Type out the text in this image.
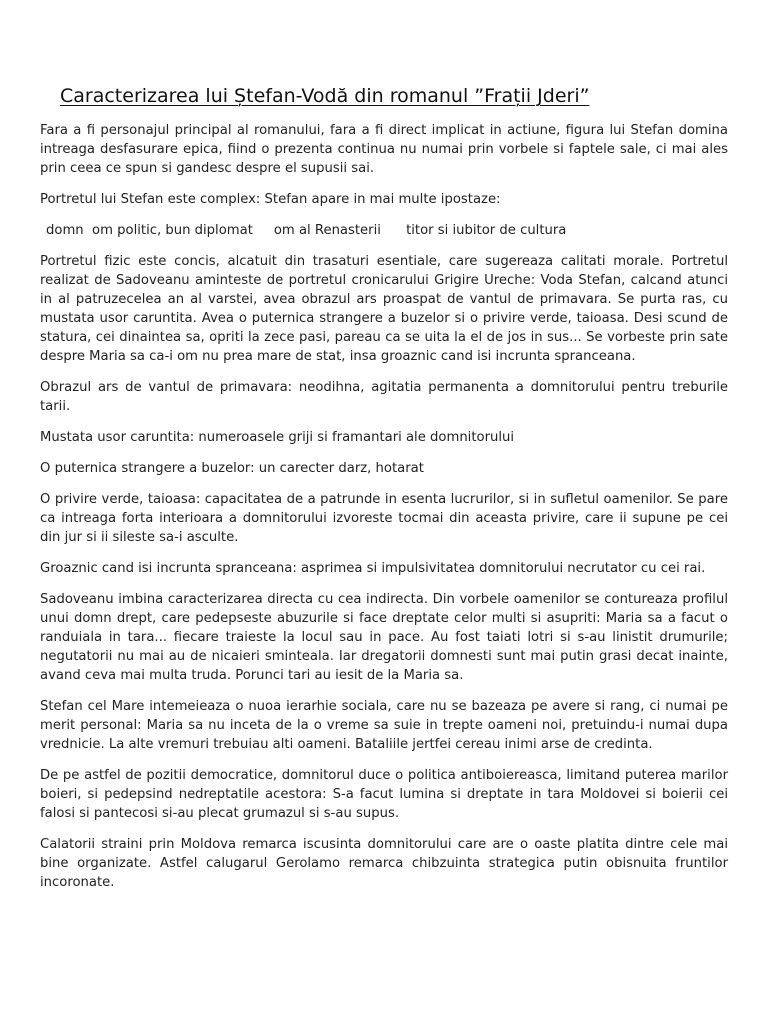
Caracterizarea lui Ștefan-Vodă din romanul ”Frații Jderi”

Fara a fi personajul principal al romanului, fara a fi direct implicat in actiune, figura lui Stefan domina intreaga desfasurare epica, fiind o prezenta continua nu numai prin vorbele si faptele sale, ci mai ales prin ceea ce spun si gandesc despre el supusii sai.

Portretul lui Stefan este complex: Stefan apare in mai multe ipostaze:

domn  om politic, bun diplomat     om al Renasterii      titor si iubitor de cultura

Portretul fizic este concis, alcatuit din trasaturi esentiale, care sugereaza calitati morale. Portretul realizat de Sadoveanu aminteste de portretul cronicarului Grigire Ureche: Voda Stefan, calcand atunci in al patruzecelea an al varstei, avea obrazul ars proaspat de vantul de primavara. Se purta ras, cu mustata usor caruntita. Avea o puternica strangere a buzelor si o privire verde, taioasa. Desi scund de statura, cei dinaintea sa, opriti la zece pasi, pareau ca se uita la el de jos in sus... Se vorbeste prin sate despre Maria sa ca-i om nu prea mare de stat, insa groaznic cand isi incrunta spranceana.

Obrazul ars de vantul de primavara: neodihna, agitatia permanenta a domnitorului pentru treburile tarii.

Mustata usor caruntita: numeroasele griji si framantari ale domnitorului

O puternica strangere a buzelor: un carecter darz, hotarat

O privire verde, taioasa: capacitatea de a patrunde in esenta lucrurilor, si in sufletul oamenilor. Se pare ca intreaga forta interioara a domnitorului izvoreste tocmai din aceasta privire, care ii supune pe cei din jur si ii sileste sa-i asculte.

Groaznic cand isi incrunta spranceana: asprimea si impulsivitatea domnitorului necrutator cu cei rai.

Sadoveanu imbina caracterizarea directa cu cea indirecta. Din vorbele oamenilor se contureaza profilul unui domn drept, care pedepseste abuzurile si face dreptate celor multi si asupriti: Maria sa a facut o randuiala in tara... fiecare traieste la locul sau in pace. Au fost taiati lotri si s-au linistit drumurile; negutatorii nu mai au de nicaieri sminteala. Iar dregatorii domnesti sunt mai putin grasi decat inainte, avand ceva mai multa truda. Porunci tari au iesit de la Maria sa.

Stefan cel Mare intemeieaza o nuoa ierarhie sociala, care nu se bazeaza pe avere si rang, ci numai pe merit personal: Maria sa nu inceta de la o vreme sa suie in trepte oameni noi, pretuindu-i numai dupa vrednicie. La alte vremuri trebuiau alti oameni. Bataliile jertfei cereau inimi arse de credinta.

De pe astfel de pozitii democratice, domnitorul duce o politica antiboiereasca, limitand puterea marilor boieri, si pedepsind nedreptatile acestora: S-a facut lumina si dreptate in tara Moldovei si boierii cei falosi si pantecosi si-au plecat grumazul si s-au supus.

Calatorii straini prin Moldova remarca iscusinta domnitorului care are o oaste platita dintre cele mai bine organizate. Astfel calugarul Gerolamo remarca chibzuinta strategica putin obisnuita fruntilor incoronate.
